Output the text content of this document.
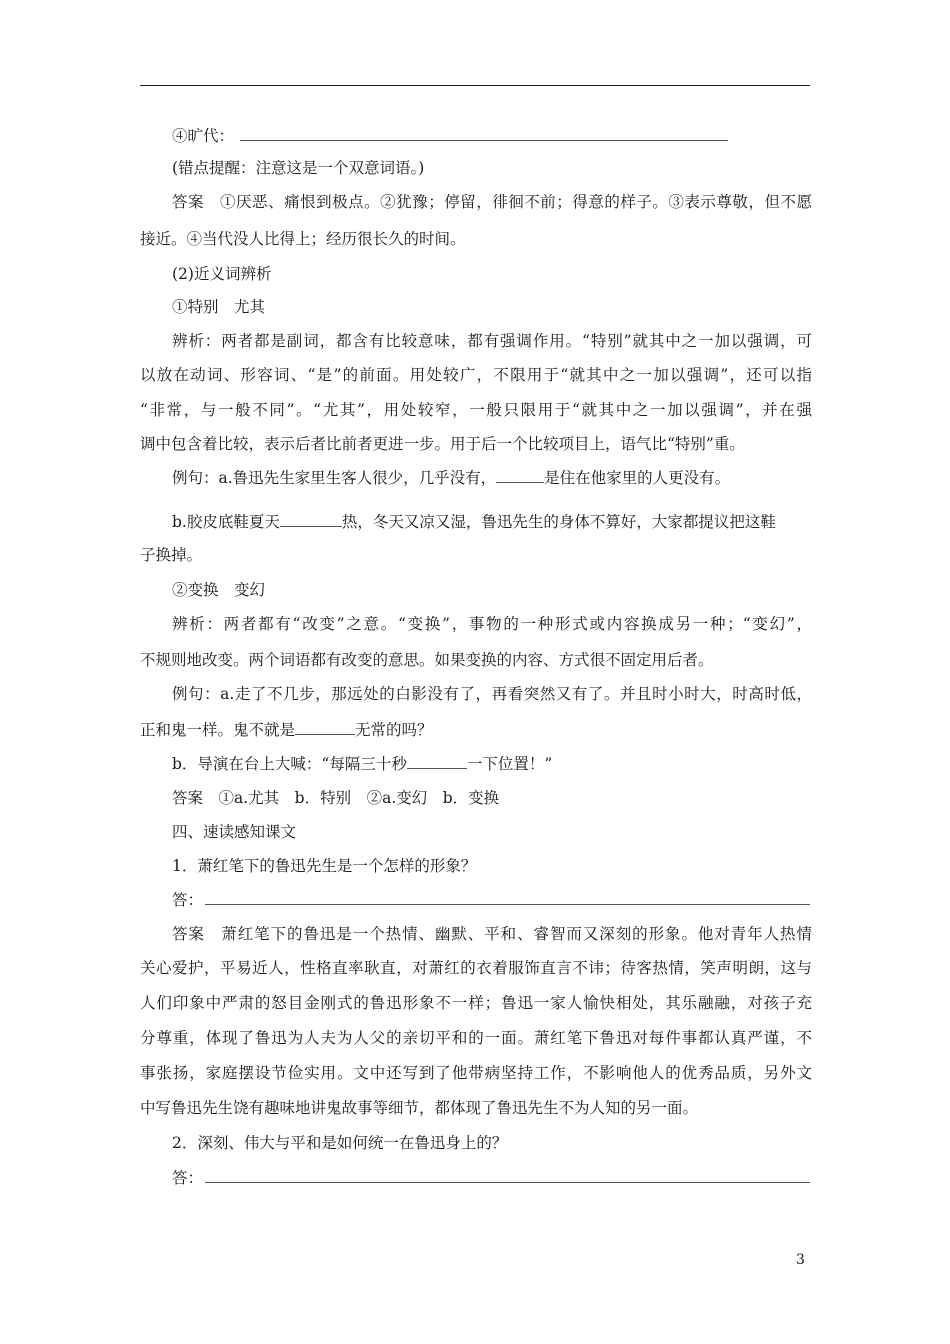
④旷代：
(错点提醒：注意这是一个双意词语。)
答案　①厌恶、痛恨到极点。②犹豫；停留，徘徊不前；得意的样子。③表示尊敬，但不愿
接近。④当代没人比得上；经历很长久的时间。
(2)近义词辨析
①特别　尤其
辨析：两者都是副词，都含有比较意味，都有强调作用。“特别”就其中之一加以强调，可
以放在动词、形容词、“是”的前面。用处较广，不限用于“就其中之一加以强调”，还可以指
“非常，与一般不同”。“尤其”，用处较窄，一般只限用于“就其中之一加以强调”，并在强
调中包含着比较，表示后者比前者更进一步。用于后一个比较项目上，语气比“特别”重。
例句：a.鲁迅先生家里生客人很少，几乎没有，	是住在他家里的人更没有。
b.胶皮底鞋夏天	热，冬天又凉又湿，鲁迅先生的身体不算好，大家都提议把这鞋
子换掉。
②变换　变幻
辨析：两者都有“改变”之意。“变换”，事物的一种形式或内容换成另一种；“变幻”，
不规则地改变。两个词语都有改变的意思。如果变换的内容、方式很不固定用后者。
例句：a.走了不几步，那远处的白影没有了，再看突然又有了。并且时小时大，时高时低，
正和鬼一样。鬼不就是	无常的吗？
b．导演在台上大喊：“每隔三十秒	一下位置！”
答案　①a.尤其　b．特别　②a.变幻　b．变换
四、速读感知课文
1．萧红笔下的鲁迅先生是一个怎样的形象？
答：
答案　萧红笔下的鲁迅是一个热情、幽默、平和、睿智而又深刻的形象。他对青年人热情
关心爱护，平易近人，性格直率耿直，对萧红的衣着服饰直言不讳；待客热情，笑声明朗，这与
人们印象中严肃的怒目金刚式的鲁迅形象不一样；鲁迅一家人愉快相处，其乐融融，对孩子充
分尊重，体现了鲁迅为人夫为人父的亲切平和的一面。萧红笔下鲁迅对每件事都认真严谨，不
事张扬，家庭摆设节俭实用。文中还写到了他带病坚持工作，不影响他人的优秀品质，另外文
中写鲁迅先生饶有趣味地讲鬼故事等细节，都体现了鲁迅先生不为人知的另一面。
2．深刻、伟大与平和是如何统一在鲁迅身上的？
答：
3
